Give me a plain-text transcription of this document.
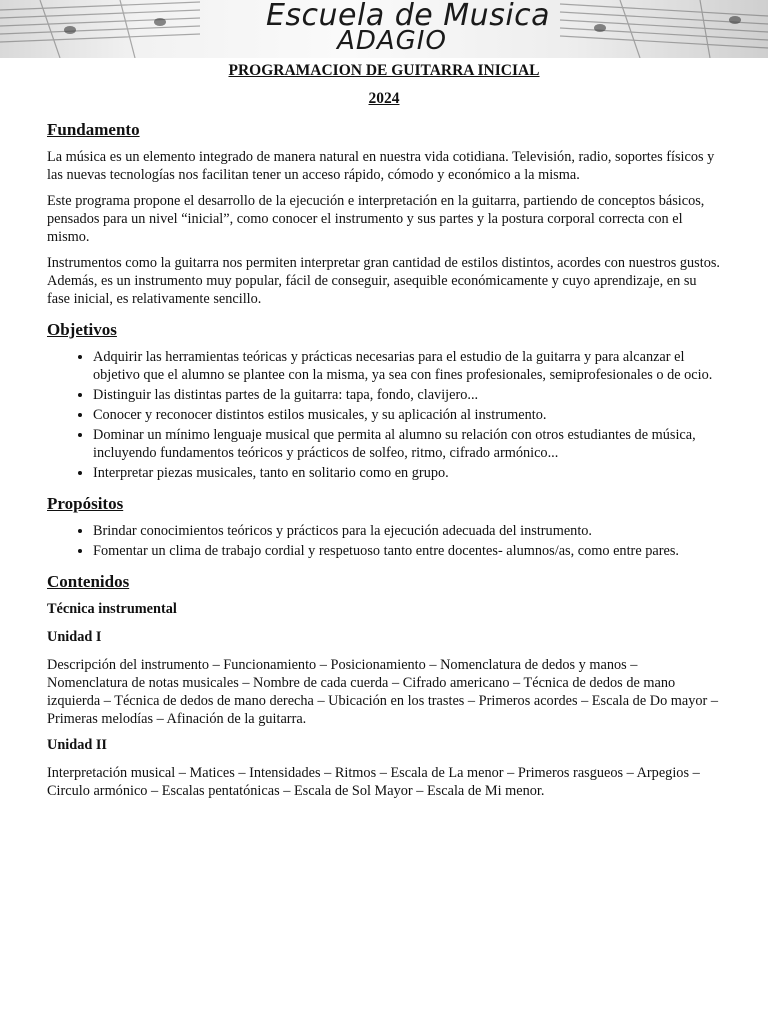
Escuela de Musica
ADAGIO
PROGRAMACION DE GUITARRA INICIAL
2024
Fundamento

La música es un elemento integrado de manera natural en nuestra vida cotidiana. Televisión, radio, soportes físicos y las nuevas tecnologías nos facilitan tener un acceso rápido, cómodo y económico a la misma.

Este programa propone el desarrollo de la ejecución e interpretación en la guitarra, partiendo de conceptos básicos, pensados para un nivel “inicial”, como conocer el instrumento y sus partes y la postura corporal correcta con el mismo.

Instrumentos como la guitarra nos permiten interpretar gran cantidad de estilos distintos, acordes con nuestros gustos. Además, es un instrumento muy popular, fácil de conseguir, asequible económicamente y cuyo aprendizaje, en su fase inicial, es relativamente sencillo.

Objetivos
• Adquirir las herramientas teóricas y prácticas necesarias para el estudio de la guitarra y para alcanzar el objetivo que el alumno se plantee con la misma, ya sea con fines profesionales, semiprofesionales o de ocio.
• Distinguir las distintas partes de la guitarra: tapa, fondo, clavijero...
• Conocer y reconocer distintos estilos musicales, y su aplicación al instrumento.
• Dominar un mínimo lenguaje musical que permita al alumno su relación con otros estudiantes de música, incluyendo fundamentos teóricos y prácticos de solfeo, ritmo, cifrado armónico...
• Interpretar piezas musicales, tanto en solitario como en grupo.
Propósitos
• Brindar conocimientos teóricos y prácticos para la ejecución adecuada del instrumento.
• Fomentar un clima de trabajo cordial y respetuoso tanto entre docentes- alumnos/as, como entre pares.
Contenidos

Técnica instrumental

Unidad I

Descripción del instrumento – Funcionamiento – Posicionamiento – Nomenclatura de dedos y manos – Nomenclatura de notas musicales – Nombre de cada cuerda – Cifrado americano – Técnica de dedos de mano izquierda – Técnica de dedos de mano derecha – Ubicación en los trastes – Primeros acordes – Escala de Do mayor – Primeras melodías – Afinación de la guitarra.

Unidad II

Interpretación musical – Matices – Intensidades – Ritmos – Escala de La menor – Primeros rasgueos – Arpegios – Circulo armónico – Escalas pentatónicas – Escala de Sol Mayor – Escala de Mi menor.
